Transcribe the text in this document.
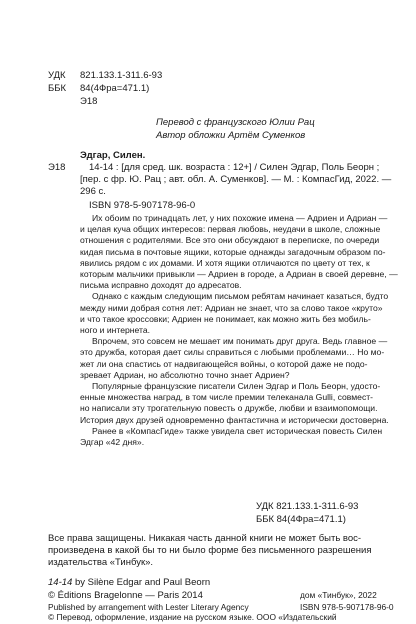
УДК 821.133.1-311.6-93
ББК 84(4Фра=471.1)
Э18
Перевод с французского Юлии Рац
Автор обложки Артём Суменков
Эдгар, Силен.
Э18 14-14 : [для сред. шк. возраста : 12+] / Силен Эдгар, Поль Беорн ;
[пер. с фр. Ю. Рац ; авт. обл. А. Суменков]. — М. : КомпасГид, 2022. —
296 с.
ISBN 978-5-907178-96-0
Их обоим по тринадцать лет, у них похожие имена — Адриен и Адриан —
и целая куча общих интересов: первая любовь, неудачи в школе, сложные
отношения с родителями. Все это они обсуждают в переписке, по очереди
кидая письма в почтовые ящики, которые однажды загадочным образом по-
явились рядом с их домами. И хотя ящики отличаются по цвету от тех, к
которым мальчики привыкли — Адриен в городе, а Адриан в своей деревне, —
письма исправно доходят до адресатов.
Однако с каждым следующим письмом ребятам начинает казаться, будто
между ними добрая сотня лет: Адриан не знает, что за слово такое «круто»
и что такое кроссовки; Адриен не понимает, как можно жить без мобиль-
ного и интернета.
Впрочем, это совсем не мешает им понимать друг друга. Ведь главное —
это дружба, которая дает силы справиться с любыми проблемами… Но мо-
жет ли она спастись от надвигающейся войны, о которой даже не подо-
зревает Адриан, но абсолютно точно знает Адриен?
Популярные французские писатели Силен Эдгар и Поль Беорн, удосто-
енные множества наград, в том числе премии телеканала Gulli, совмест-
но написали эту трогательную повесть о дружбе, любви и взаимопомощи.
История двух друзей одновременно фантастична и исторически достоверна.
Ранее в «КомпасГиде» также увидела свет историческая повесть Силен
Эдгар «42 дня».
УДК 821.133.1-311.6-93
ББК 84(4Фра=471.1)
Все права защищены. Никакая часть данной книги не может быть вос-
произведена в какой бы то ни было форме без письменного разрешения
издательства «Тинбук».
14-14 by Silène Edgar and Paul Beorn
© Éditions Bragelonne — Paris 2014
Published by arrangement with Lester Literary Agency
© Перевод, оформление, издание на русском языке. ООО «Издательский
дом «Тинбук», 2022
ISBN 978-5-907178-96-0
